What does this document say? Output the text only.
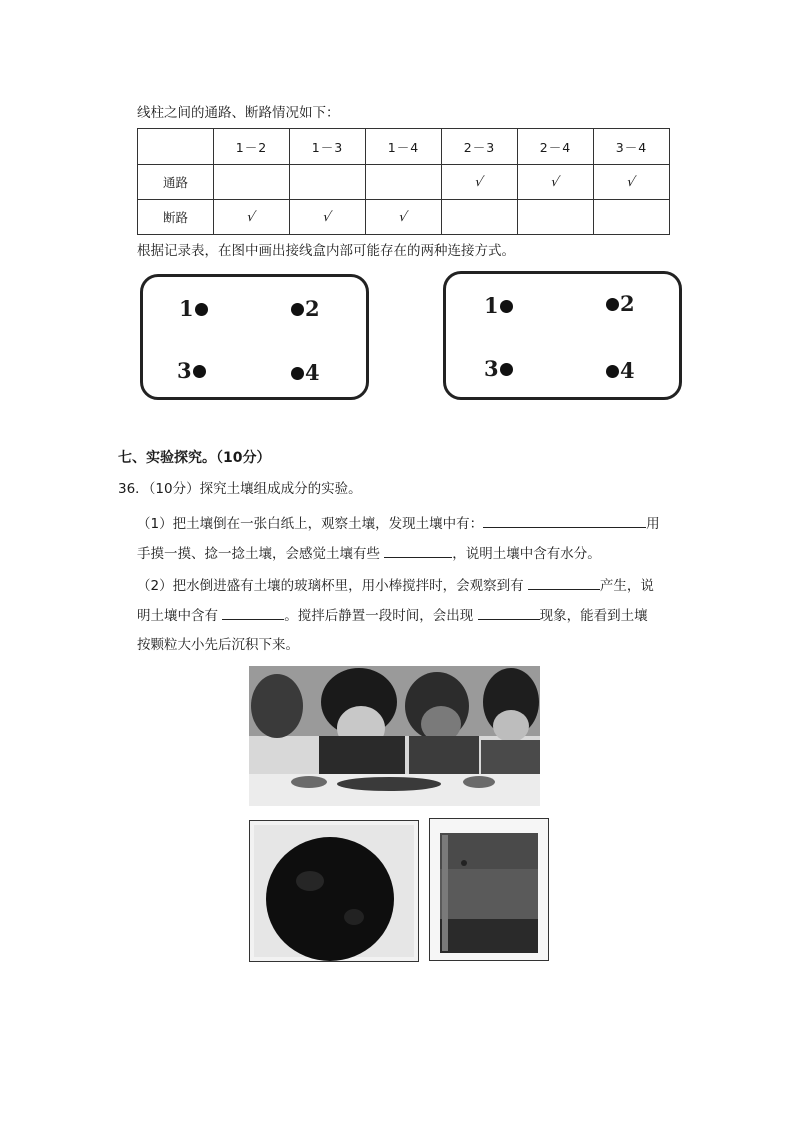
线柱之间的通路、断路情况如下：
	1－2	1－3	1－4	2－3	2－4	3－4
通路				√	√	√
断路	√	√	√			
根据记录表，在图中画出接线盒内部可能存在的两种连接方式。
1	2
3	4
1	2
3	4
七、实验探究。（10分）
36．（10分）探究土壤组成成分的实验。
（1）把土壤倒在一张白纸上，观察土壤，发现土壤中有：	用
手摸一摸、捻一捻土壤，会感觉土壤有些	，说明土壤中含有水分。
（2）把水倒进盛有土壤的玻璃杯里，用小棒搅拌时，会观察到有	产生，说
明土壤中含有	。搅拌后静置一段时间，会出现	现象，能看到土壤
按颗粒大小先后沉积下来。
